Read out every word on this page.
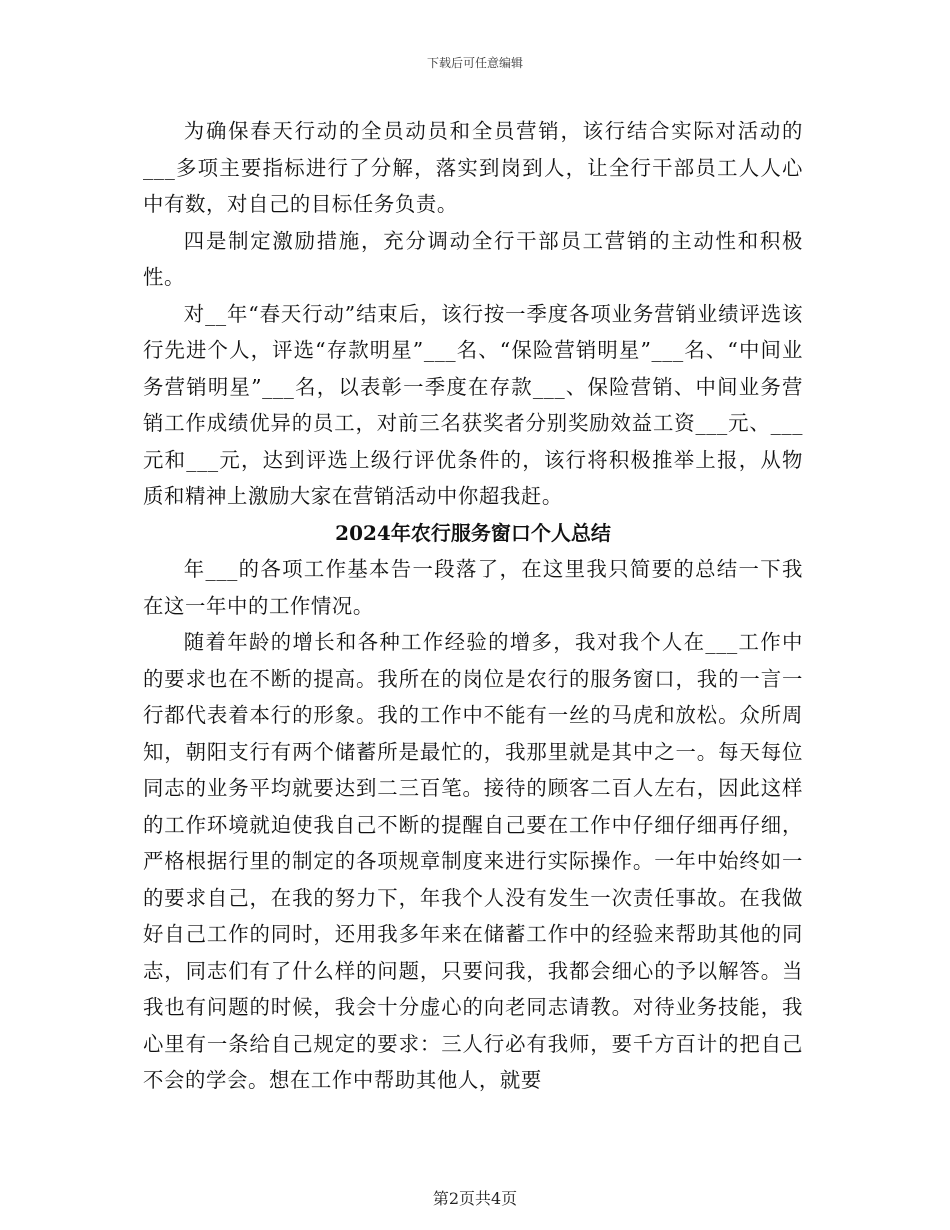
下载后可任意编辑

为确保春天行动的全员动员和全员营销，该行结合实际对活动的___多项主要指标进行了分解，落实到岗到人，让全行干部员工人人心中有数，对自己的目标任务负责。

四是制定激励措施，充分调动全行干部员工营销的主动性和积极性。

对__年“春天行动”结束后，该行按一季度各项业务营销业绩评选该行先进个人，评选“存款明星”___名、“保险营销明星”___名、“中间业务营销明星”___名，以表彰一季度在存款___、保险营销、中间业务营销工作成绩优异的员工，对前三名获奖者分别奖励效益工资___元、___元和___元，达到评选上级行评优条件的，该行将积极推举上报，从物质和精神上激励大家在营销活动中你超我赶。

2024年农行服务窗口个人总结

年___的各项工作基本告一段落了，在这里我只简要的总结一下我在这一年中的工作情况。

随着年龄的增长和各种工作经验的增多，我对我个人在___工作中的要求也在不断的提高。我所在的岗位是农行的服务窗口，我的一言一行都代表着本行的形象。我的工作中不能有一丝的马虎和放松。众所周知，朝阳支行有两个储蓄所是最忙的，我那里就是其中之一。每天每位同志的业务平均就要达到二三百笔。接待的顾客二百人左右，因此这样的工作环境就迫使我自己不断的提醒自己要在工作中仔细仔细再仔细，严格根据行里的制定的各项规章制度来进行实际操作。一年中始终如一的要求自己，在我的努力下，年我个人没有发生一次责任事故。在我做好自己工作的同时，还用我多年来在储蓄工作中的经验来帮助其他的同志，同志们有了什么样的问题，只要问我，我都会细心的予以解答。当我也有问题的时候，我会十分虚心的向老同志请教。对待业务技能，我心里有一条给自己规定的要求：三人行必有我师，要千方百计的把自己不会的学会。想在工作中帮助其他人，就要

第2页共4页
